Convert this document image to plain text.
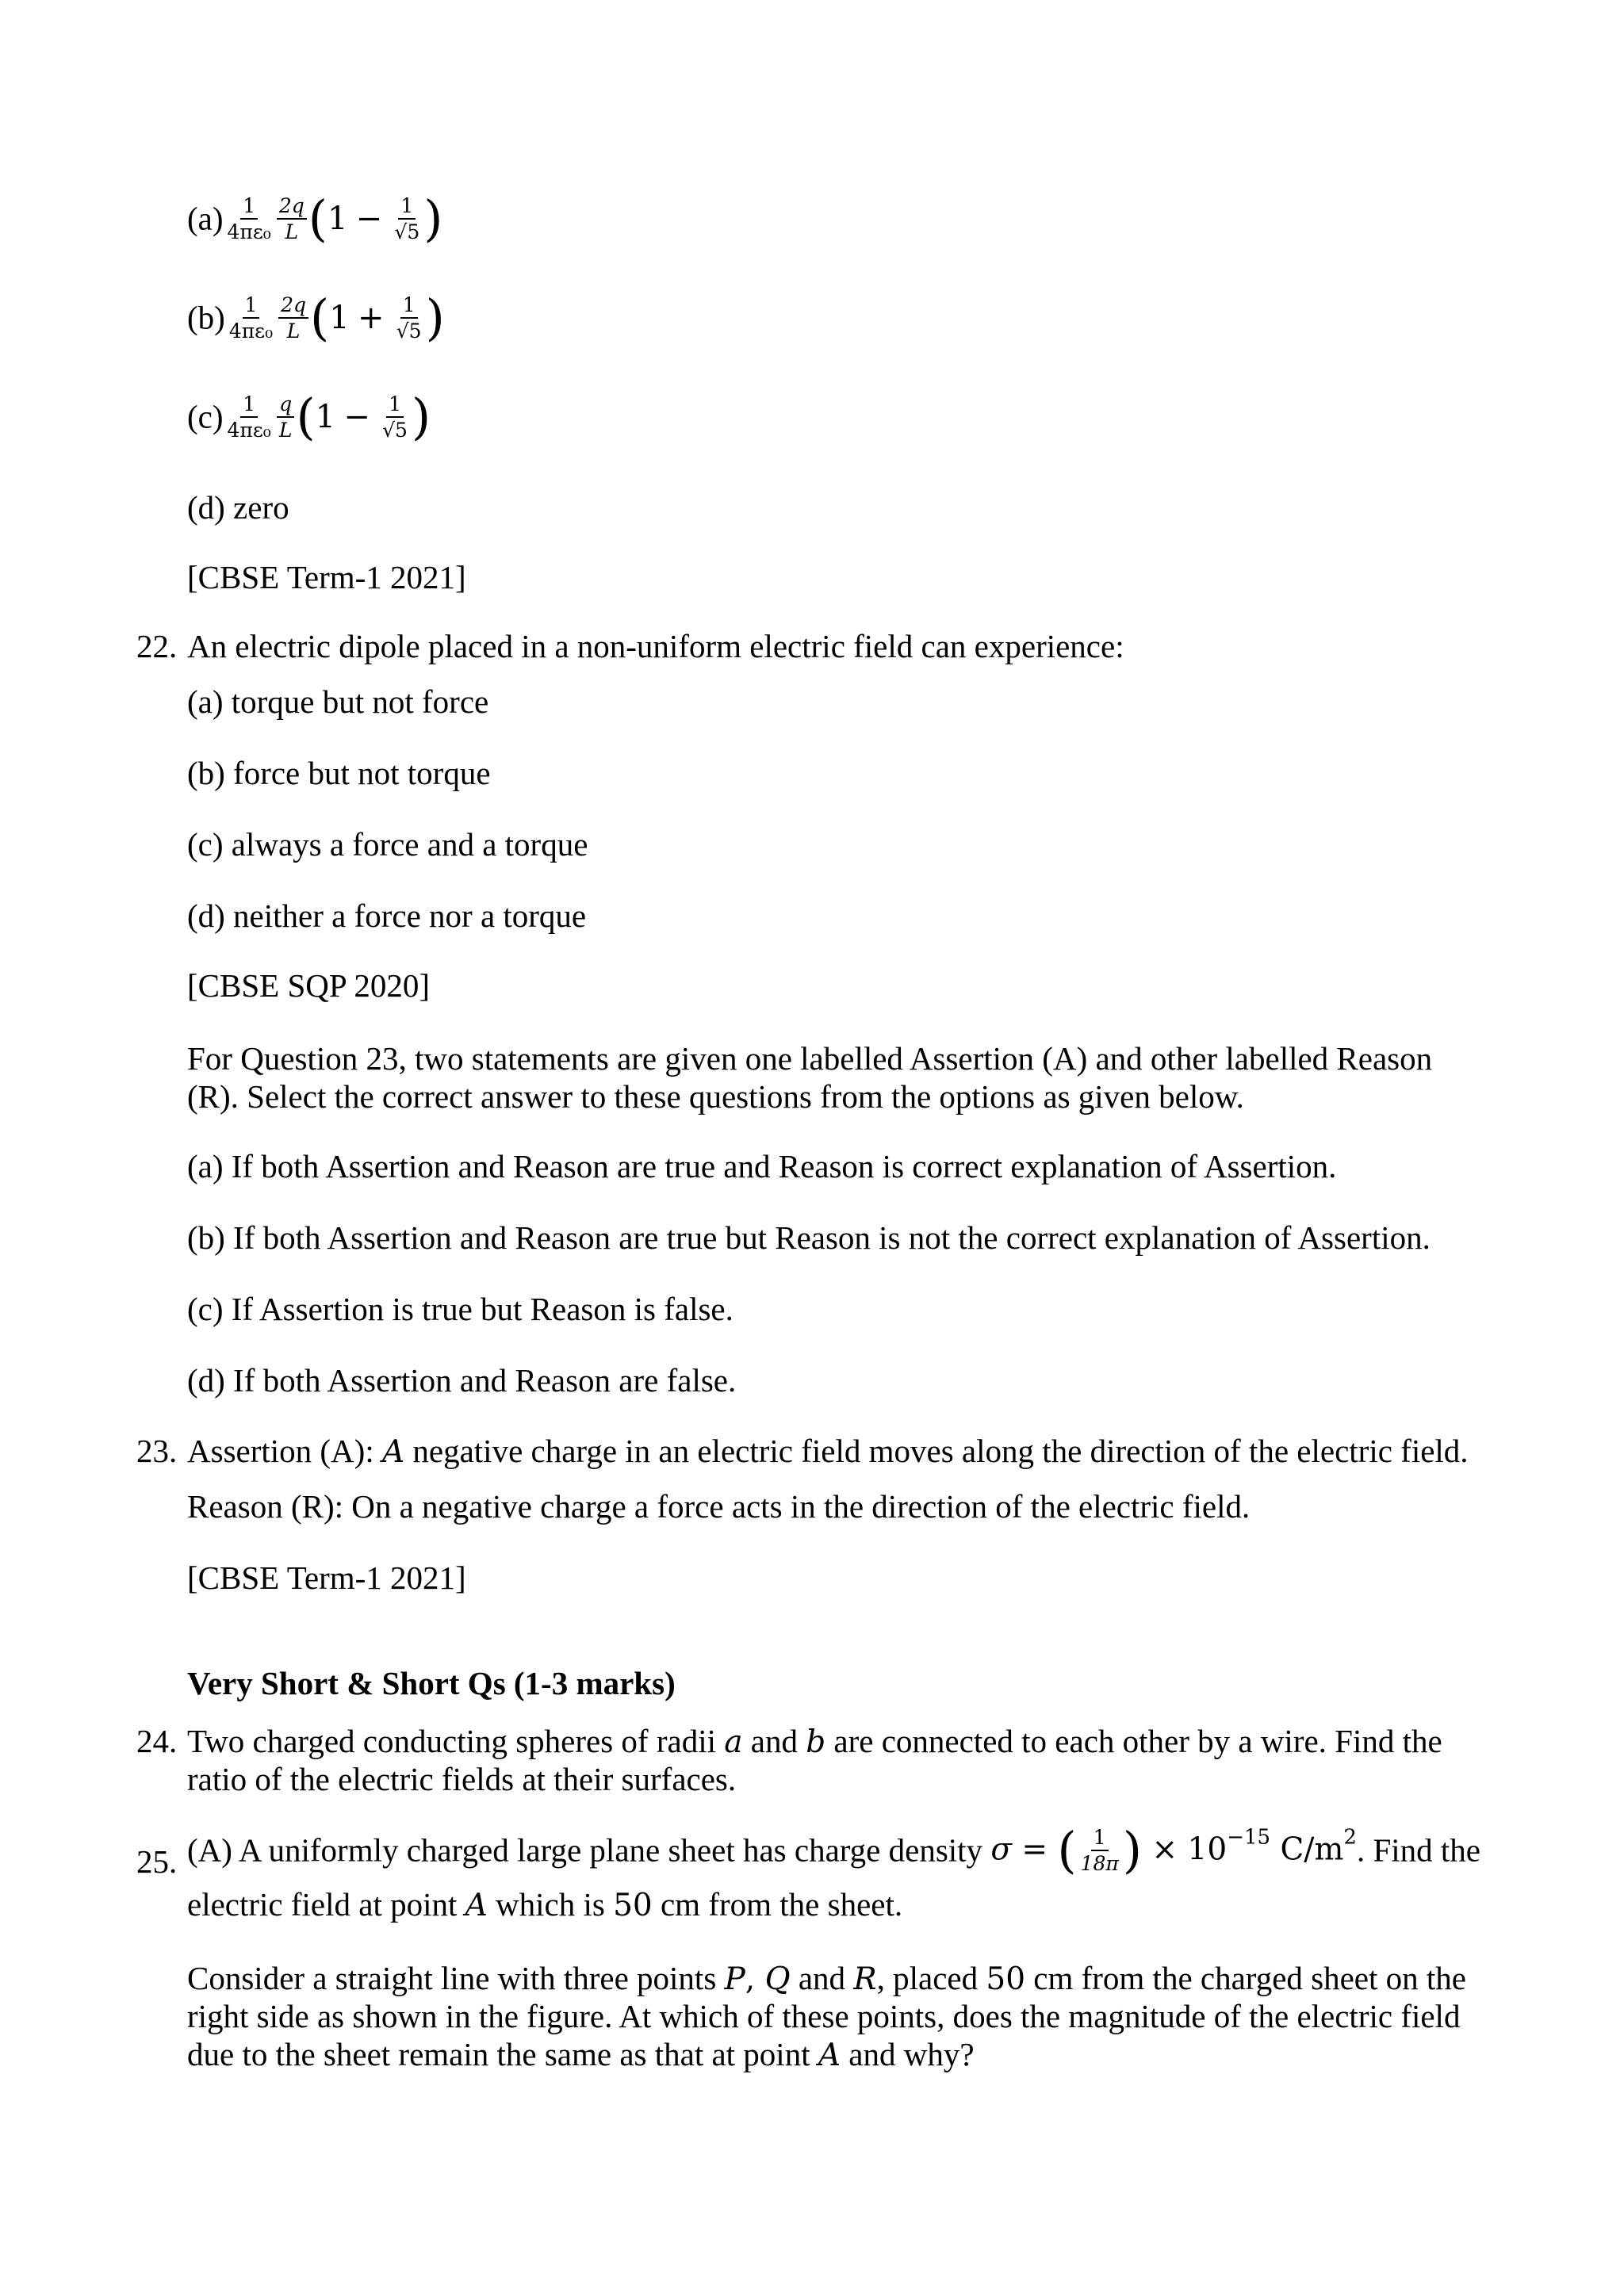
$(a) \frac{1}{\text{4πε₀}} \frac{2q}{L} (1 - \frac{1}{√5}$ )
$(b) \frac{1}{\text{4πε₀}} \frac{2q}{L} (1 + \frac{1}{√5}$ )
$(c) \frac{1}{\text{4πε₀}} \frac{q}{L} (1 - \frac{1}{√5}$ )
(d) zero
[CBSE Term-1 2021]
22. An electric dipole placed in a non-uniform electric field can experience:
(a) torque but not force
(b) force but not torque
(c) always a force and a torque
(d) neither a force nor a torque
[CBSE SQP 2020]
For Question 23, two statements are given one labelled Assertion (A) and other labelled Reason
(R). Select the correct answer to these questions from the options as given below.
(a) If both Assertion and Reason are true and Reason is correct explanation of Assertion.
(b) If both Assertion and Reason are true but Reason is not the correct explanation of Assertion.
(c) If Assertion is true but Reason is false.
(d) If both Assertion and Reason are false.
23. Assertion (A): A negative charge in an electric field moves along the direction of the electric field.
Reason (R): On a negative charge a force acts in the direction of the electric field.
[CBSE Term-1 2021]
Very Short & Short Qs (1-3 marks)
24. Two charged conducting spheres of radii a and b are connected to each other by a wire. Find the
ratio of the electric fields at their surfaces.
25. (A) A uniformly charged large plane sheet has charge density σ = ( $\frac{1}{18\pi}$ ) × $10^{-15}$ $C/m^2$. Find the
electric field at point A which is 50 cm from the sheet.
Consider a straight line with three points P, Q and R, placed 50 cm from the charged sheet on the
right side as shown in the figure. At which of these points, does the magnitude of the electric field
due to the sheet remain the same as that at point A and why?
